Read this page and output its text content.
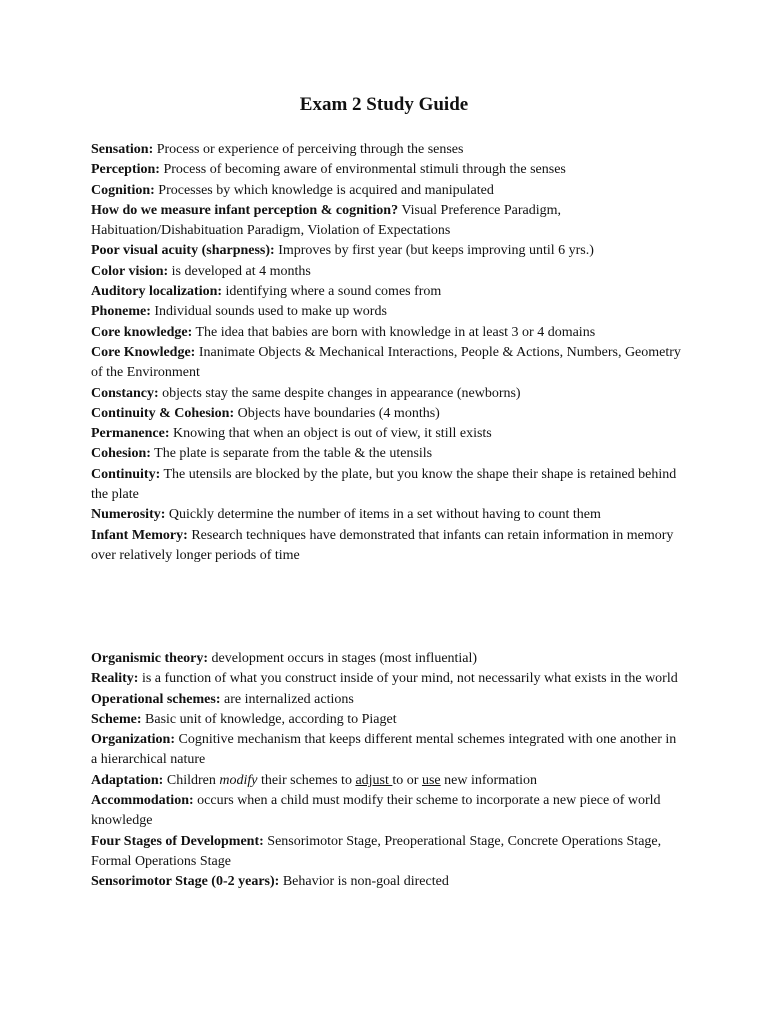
Exam 2 Study Guide

Sensation: Process or experience of perceiving through the senses

Perception: Process of becoming aware of environmental stimuli through the senses

Cognition: Processes by which knowledge is acquired and manipulated

How do we measure infant perception & cognition? Visual Preference Paradigm, Habituation/Dishabituation Paradigm, Violation of Expectations

Poor visual acuity (sharpness): Improves by first year (but keeps improving until 6 yrs.)

Color vision: is developed at 4 months

Auditory localization: identifying where a sound comes from

Phoneme: Individual sounds used to make up words

Core knowledge: The idea that babies are born with knowledge in at least 3 or 4 domains

Core Knowledge: Inanimate Objects & Mechanical Interactions, People & Actions, Numbers, Geometry of the Environment

Constancy: objects stay the same despite changes in appearance (newborns)

Continuity & Cohesion: Objects have boundaries (4 months)

Permanence: Knowing that when an object is out of view, it still exists

Cohesion: The plate is separate from the table & the utensils

Continuity: The utensils are blocked by the plate, but you know the shape their shape is retained behind the plate

Numerosity: Quickly determine the number of items in a set without having to count them

Infant Memory: Research techniques have demonstrated that infants can retain information in memory over relatively longer periods of time

Organismic theory: development occurs in stages (most influential)

Reality: is a function of what you construct inside of your mind, not necessarily what exists in the world

Operational schemes: are internalized actions

Scheme: Basic unit of knowledge, according to Piaget

Organization: Cognitive mechanism that keeps different mental schemes integrated with one another in a hierarchical nature

Adaptation: Children modify their schemes to adjust to or use new information

Accommodation: occurs when a child must modify their scheme to incorporate a new piece of world knowledge

Four Stages of Development: Sensorimotor Stage, Preoperational Stage, Concrete Operations Stage, Formal Operations Stage

Sensorimotor Stage (0-2 years): Behavior is non-goal directed
